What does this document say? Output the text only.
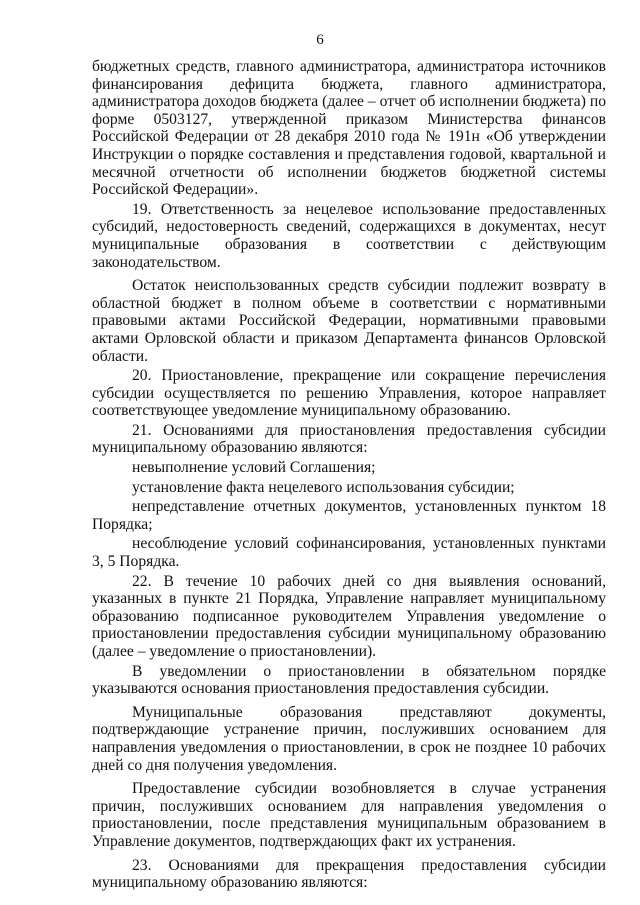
6

бюджетных средств, главного администратора, администратора источников финансирования дефицита бюджета, главного администратора, администратора доходов бюджета (далее – отчет об исполнении бюджета) по форме 0503127, утвержденной приказом Министерства финансов Российской Федерации от 28 декабря 2010 года № 191н «Об утверждении Инструкции о порядке составления и представления годовой, квартальной и месячной отчетности об исполнении бюджетов бюджетной системы Российской Федерации».

19. Ответственность за нецелевое использование предоставленных субсидий, недостоверность сведений, содержащихся в документах, несут муниципальные образования в соответствии с действующим законодательством.

Остаток неиспользованных средств субсидии подлежит возврату в областной бюджет в полном объеме в соответствии с нормативными правовыми актами Российской Федерации, нормативными правовыми актами Орловской области и приказом Департамента финансов Орловской области.

20. Приостановление, прекращение или сокращение перечисления субсидии осуществляется по решению Управления, которое направляет соответствующее уведомление муниципальному образованию.

21. Основаниями для приостановления предоставления субсидии муниципальному образованию являются:

невыполнение условий Соглашения;

установление факта нецелевого использования субсидии;

непредставление отчетных документов, установленных пунктом 18 Порядка;

несоблюдение условий софинансирования, установленных пунктами 3, 5 Порядка.

22. В течение 10 рабочих дней со дня выявления оснований, указанных в пункте 21 Порядка, Управление направляет муниципальному образованию подписанное руководителем Управления уведомление о приостановлении предоставления субсидии муниципальному образованию (далее – уведомление о приостановлении).

В уведомлении о приостановлении в обязательном порядке указываются основания приостановления предоставления субсидии.

Муниципальные образования представляют документы, подтверждающие устранение причин, послуживших основанием для направления уведомления о приостановлении, в срок не позднее 10 рабочих дней со дня получения уведомления.

Предоставление субсидии возобновляется в случае устранения причин, послуживших основанием для направления уведомления о приостановлении, после представления муниципальным образованием в Управление документов, подтверждающих факт их устранения.

23. Основаниями для прекращения предоставления субсидии муниципальному образованию являются:
